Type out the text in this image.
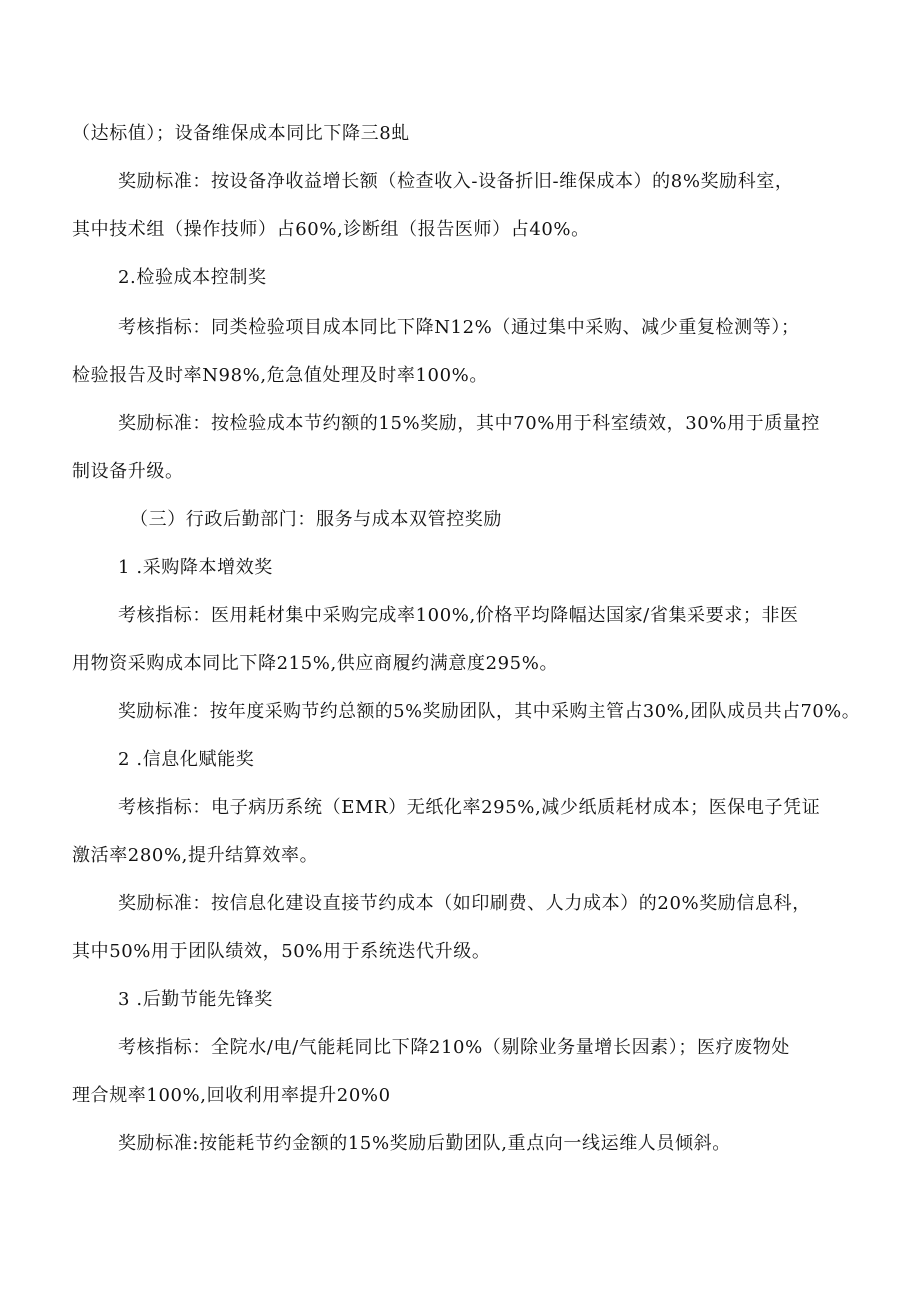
（达标值）；设备维保成本同比下降三8虬
奖励标准：按设备净收益增长额（检查收入-设备折旧-维保成本）的8%奖励科室，
其中技术组（操作技师）占60%,诊断组（报告医师）占40%。
2.检验成本控制奖
考核指标：同类检验项目成本同比下降N12%（通过集中采购、减少重复检测等）；
检验报告及时率N98%,危急值处理及时率100%。
奖励标准：按检验成本节约额的15%奖励，其中70%用于科室绩效，30%用于质量控
制设备升级。
（三）行政后勤部门：服务与成本双管控奖励
1 .采购降本增效奖
考核指标：医用耗材集中采购完成率100%,价格平均降幅达国家/省集采要求；非医
用物资采购成本同比下降215%,供应商履约满意度295%。
奖励标准：按年度采购节约总额的5%奖励团队，其中采购主管占30%,团队成员共占70%。
2 .信息化赋能奖
考核指标：电子病历系统（EMR）无纸化率295%,减少纸质耗材成本；医保电子凭证
激活率280%,提升结算效率。
奖励标准：按信息化建设直接节约成本（如印刷费、人力成本）的20%奖励信息科，
其中50%用于团队绩效，50%用于系统迭代升级。
3 .后勤节能先锋奖
考核指标：全院水/电/气能耗同比下降210%（剔除业务量增长因素）；医疗废物处
理合规率100%,回收利用率提升20%0
奖励标准:按能耗节约金额的15%奖励后勤团队,重点向一线运维人员倾斜。
